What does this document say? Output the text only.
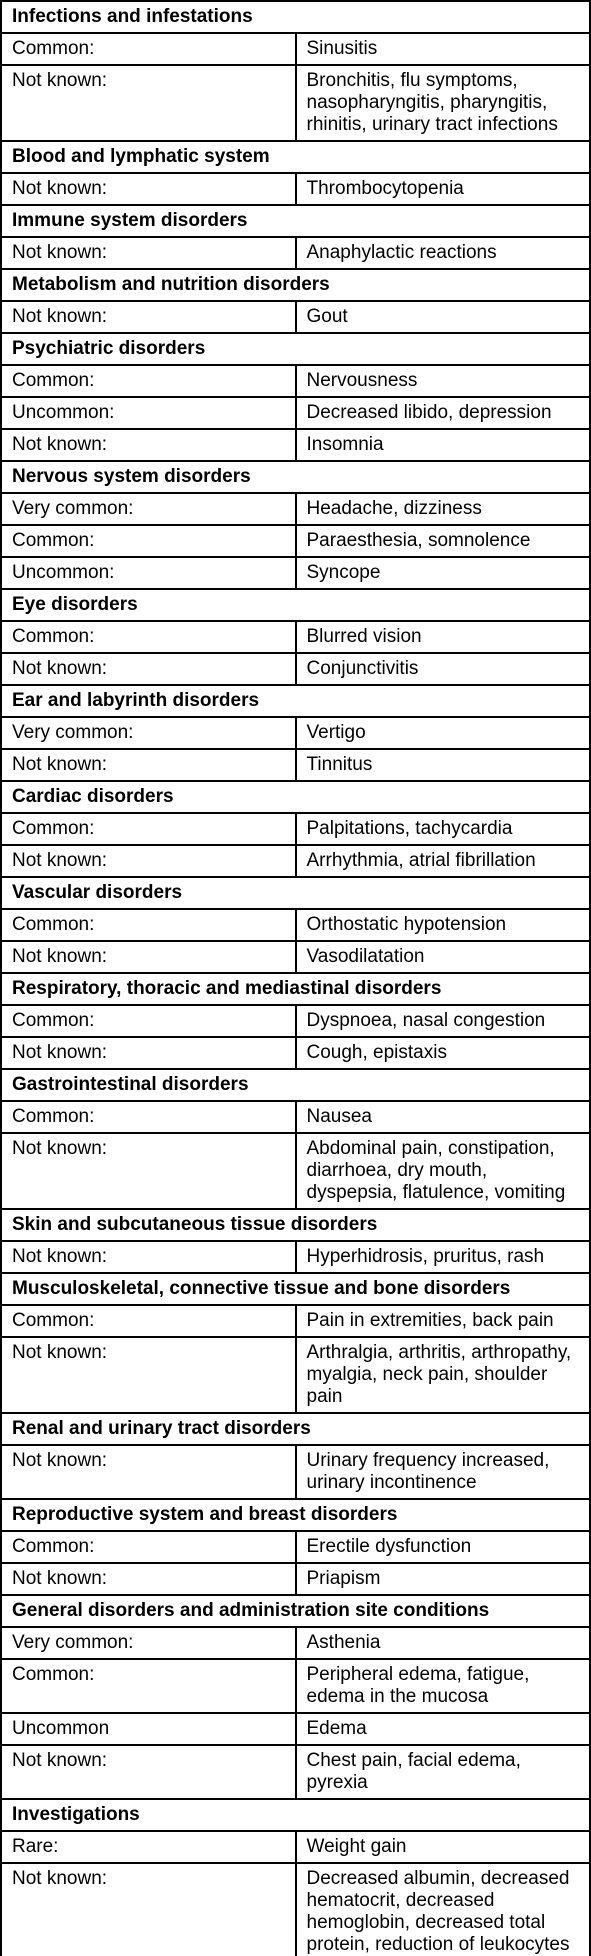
Infections and infestations	
Common:	Sinusitis
Not known:	Bronchitis, flu symptoms, nasopharyngitis, pharyngitis, rhinitis, urinary tract infections
Blood and lymphatic system	
Not known:	Thrombocytopenia
Immune system disorders	
Not known:	Anaphylactic reactions
Metabolism and nutrition disorders	
Not known:	Gout
Psychiatric disorders	
Common:	Nervousness
Uncommon:	Decreased libido, depression
Not known:	Insomnia
Nervous system disorders	
Very common:	Headache, dizziness
Common:	Paraesthesia, somnolence
Uncommon:	Syncope
Eye disorders	
Common:	Blurred vision
Not known:	Conjunctivitis
Ear and labyrinth disorders	
Very common:	Vertigo
Not known:	Tinnitus
Cardiac disorders	
Common:	Palpitations, tachycardia
Not known:	Arrhythmia, atrial fibrillation
Vascular disorders	
Common:	Orthostatic hypotension
Not known:	Vasodilatation
Respiratory, thoracic and mediastinal disorders	
Common:	Dyspnoea, nasal congestion
Not known:	Cough, epistaxis
Gastrointestinal disorders	
Common:	Nausea
Not known:	Abdominal pain, constipation, diarrhoea, dry mouth, dyspepsia, flatulence, vomiting
Skin and subcutaneous tissue disorders	
Not known:	Hyperhidrosis, pruritus, rash
Musculoskeletal, connective tissue and bone disorders	
Common:	Pain in extremities, back pain
Not known:	Arthralgia, arthritis, arthropathy, myalgia, neck pain, shoulder pain
Renal and urinary tract disorders	
Not known:	Urinary frequency increased, urinary incontinence
Reproductive system and breast disorders	
Common:	Erectile dysfunction
Not known:	Priapism
General disorders and administration site conditions	
Very common:	Asthenia
Common:	Peripheral edema, fatigue, edema in the mucosa
Uncommon	Edema
Not known:	Chest pain, facial edema, pyrexia
Investigations	
Rare:	Weight gain
Not known:	Decreased albumin, decreased hematocrit, decreased hemoglobin, decreased total protein, reduction of leukocytes
